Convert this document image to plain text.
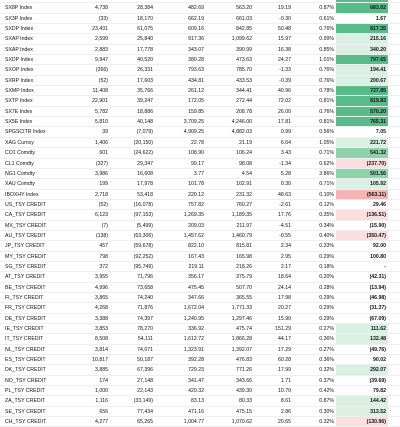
SX8P Index	4,738	28,384	482.69	563.20	19.19	0.87%	683.02
SX3P Index	(33)	18,170	662.19	661.03	-0.30	0.61%	1.67
SXDP Index	23,431	61,075	609.16	842.85	50.48	0.76%	817.35
SXAP Index	2,599	25,840	917.36	1,099.62	15.97	0.99%	215.16
SXAP Index	2,883	17,778	343.07	390.99	16.38	0.85%	340.20
SXDP Index	9,947	40,520	380.28	473.63	24.27	1.01%	797.65
SXOP Index	(266)	26,331	793.63	785.70	-1.33	0.76%	194.41
SXRP Index	(52)	17,603	434.81	433.53	-0.39	0.76%	200.67
SXMP Index	11,408	35,766	261.12	344.41	40.96	0.78%	727.85
SXTP Index	22,901	39,247	172.05	272.44	72.02	0.81%	819.83
SX7E Index	5,782	18,886	159.85	208.78	26.00	0.76%	570.20
SX5E Index	5,810	40,148	3,709.25	4,246.00	17.81	0.81%	765.31
SPGSCITR Index	39	(7,079)	4,909.25	4,882.03	0.99	0.56%	7.05
XAG Curncy	1,406	(20,150)	22.78	21.19	6.64	1.05%	221.72
CO1 Comdty	601	(24,622)	108.90	106.24	3.43	0.71%	541.32
CL1 Comdty	(327)	29,347	99.17	98.08	-1.34	0.62%	(237.70)
NG1 Comdty	3,986	16,608	3.77	4.54	5.28	3.86%	501.56
XAU Comdty	199	17,978	101.78	102.91	0.30	0.71%	105.92
IBOXHY Index	2,718	53,418	220.12	231.32	48.63	0.10%	(563.11)
US_TSY CREDIT	(52)	(16,078)	757.82	760.27	-2.61	0.12%	29.46
CA_TSY CREDIT	6,123	(97,153)	1,269.35	1,189.35	17.76	0.35%	(136.51)
MX_TSY CREDIT	(7)	(5,499)	209.03	211.97	-4.51	0.34%	(15.90)
AU_TSY CREDIT	(138)	(63,306)	1,457.62	1,460.79	-0.55	0.40%	(350.47)
JP_TSY CREDIT	457	(59,678)	822.10	815.81	2.34	0.33%	92.00
MY_TSY CREDIT	798	(92,252)	167.43	165.98	2.95	0.29%	100.80
SG_TSY CREDIT	372	(95,749)	219.11	218.26	2.17	0.18%	-
AT_TSY CREDIT	3,955	71,796	356.17	375.79	18.64	0.20%	(42.31)
BE_TSY CREDIT	4,996	73,658	475.45	507.70	24.14	0.28%	(13.94)
FI_TSY CREDIT	3,865	74,240	347.66	365.55	17.98	0.29%	(46.98)
FR_TSY CREDIT	4,268	71,876	1,672.04	1,771.33	20.27	0.29%	(31.37)
DE_TSY CREDIT	3,388	74,397	1,240.95	1,297.46	15.90	0.29%	(67.09)
IE_TSY CREDIT	3,853	78,270	336.92	475.74	151.29	0.27%	111.62
IT_TSY CREDIT	8,508	54,111	1,612.72	1,866.28	44.17	0.36%	132.48
NL_TSY CREDIT	3,814	74,071	1,323.91	1,392.07	17.29	0.27%	(49.76)
ES_TSY CREDIT	10,817	50,187	392.28	476.83	60.28	0.36%	90.02
DK_TSY CREDIT	3,885	67,396	729.23	771.26	17.99	0.32%	292.07
NO_TSY CREDIT	174	27,148	341.47	343.66	1.71	0.37%	(39.69)
PL_TSY CREDIT	1,000	22,143	420.32	439.30	10.70	0.42%	79.82
ZA_TSY CREDIT	1,116	(33,149)	83.13	80.33	8.61	0.87%	144.42
SE_TSY CREDIT	656	77,434	471.16	475.15	2.86	0.30%	313.52
CH_TSY CREDIT	4,277	65,265	1,004.77	1,070.62	20.65	0.32%	(130.96)
